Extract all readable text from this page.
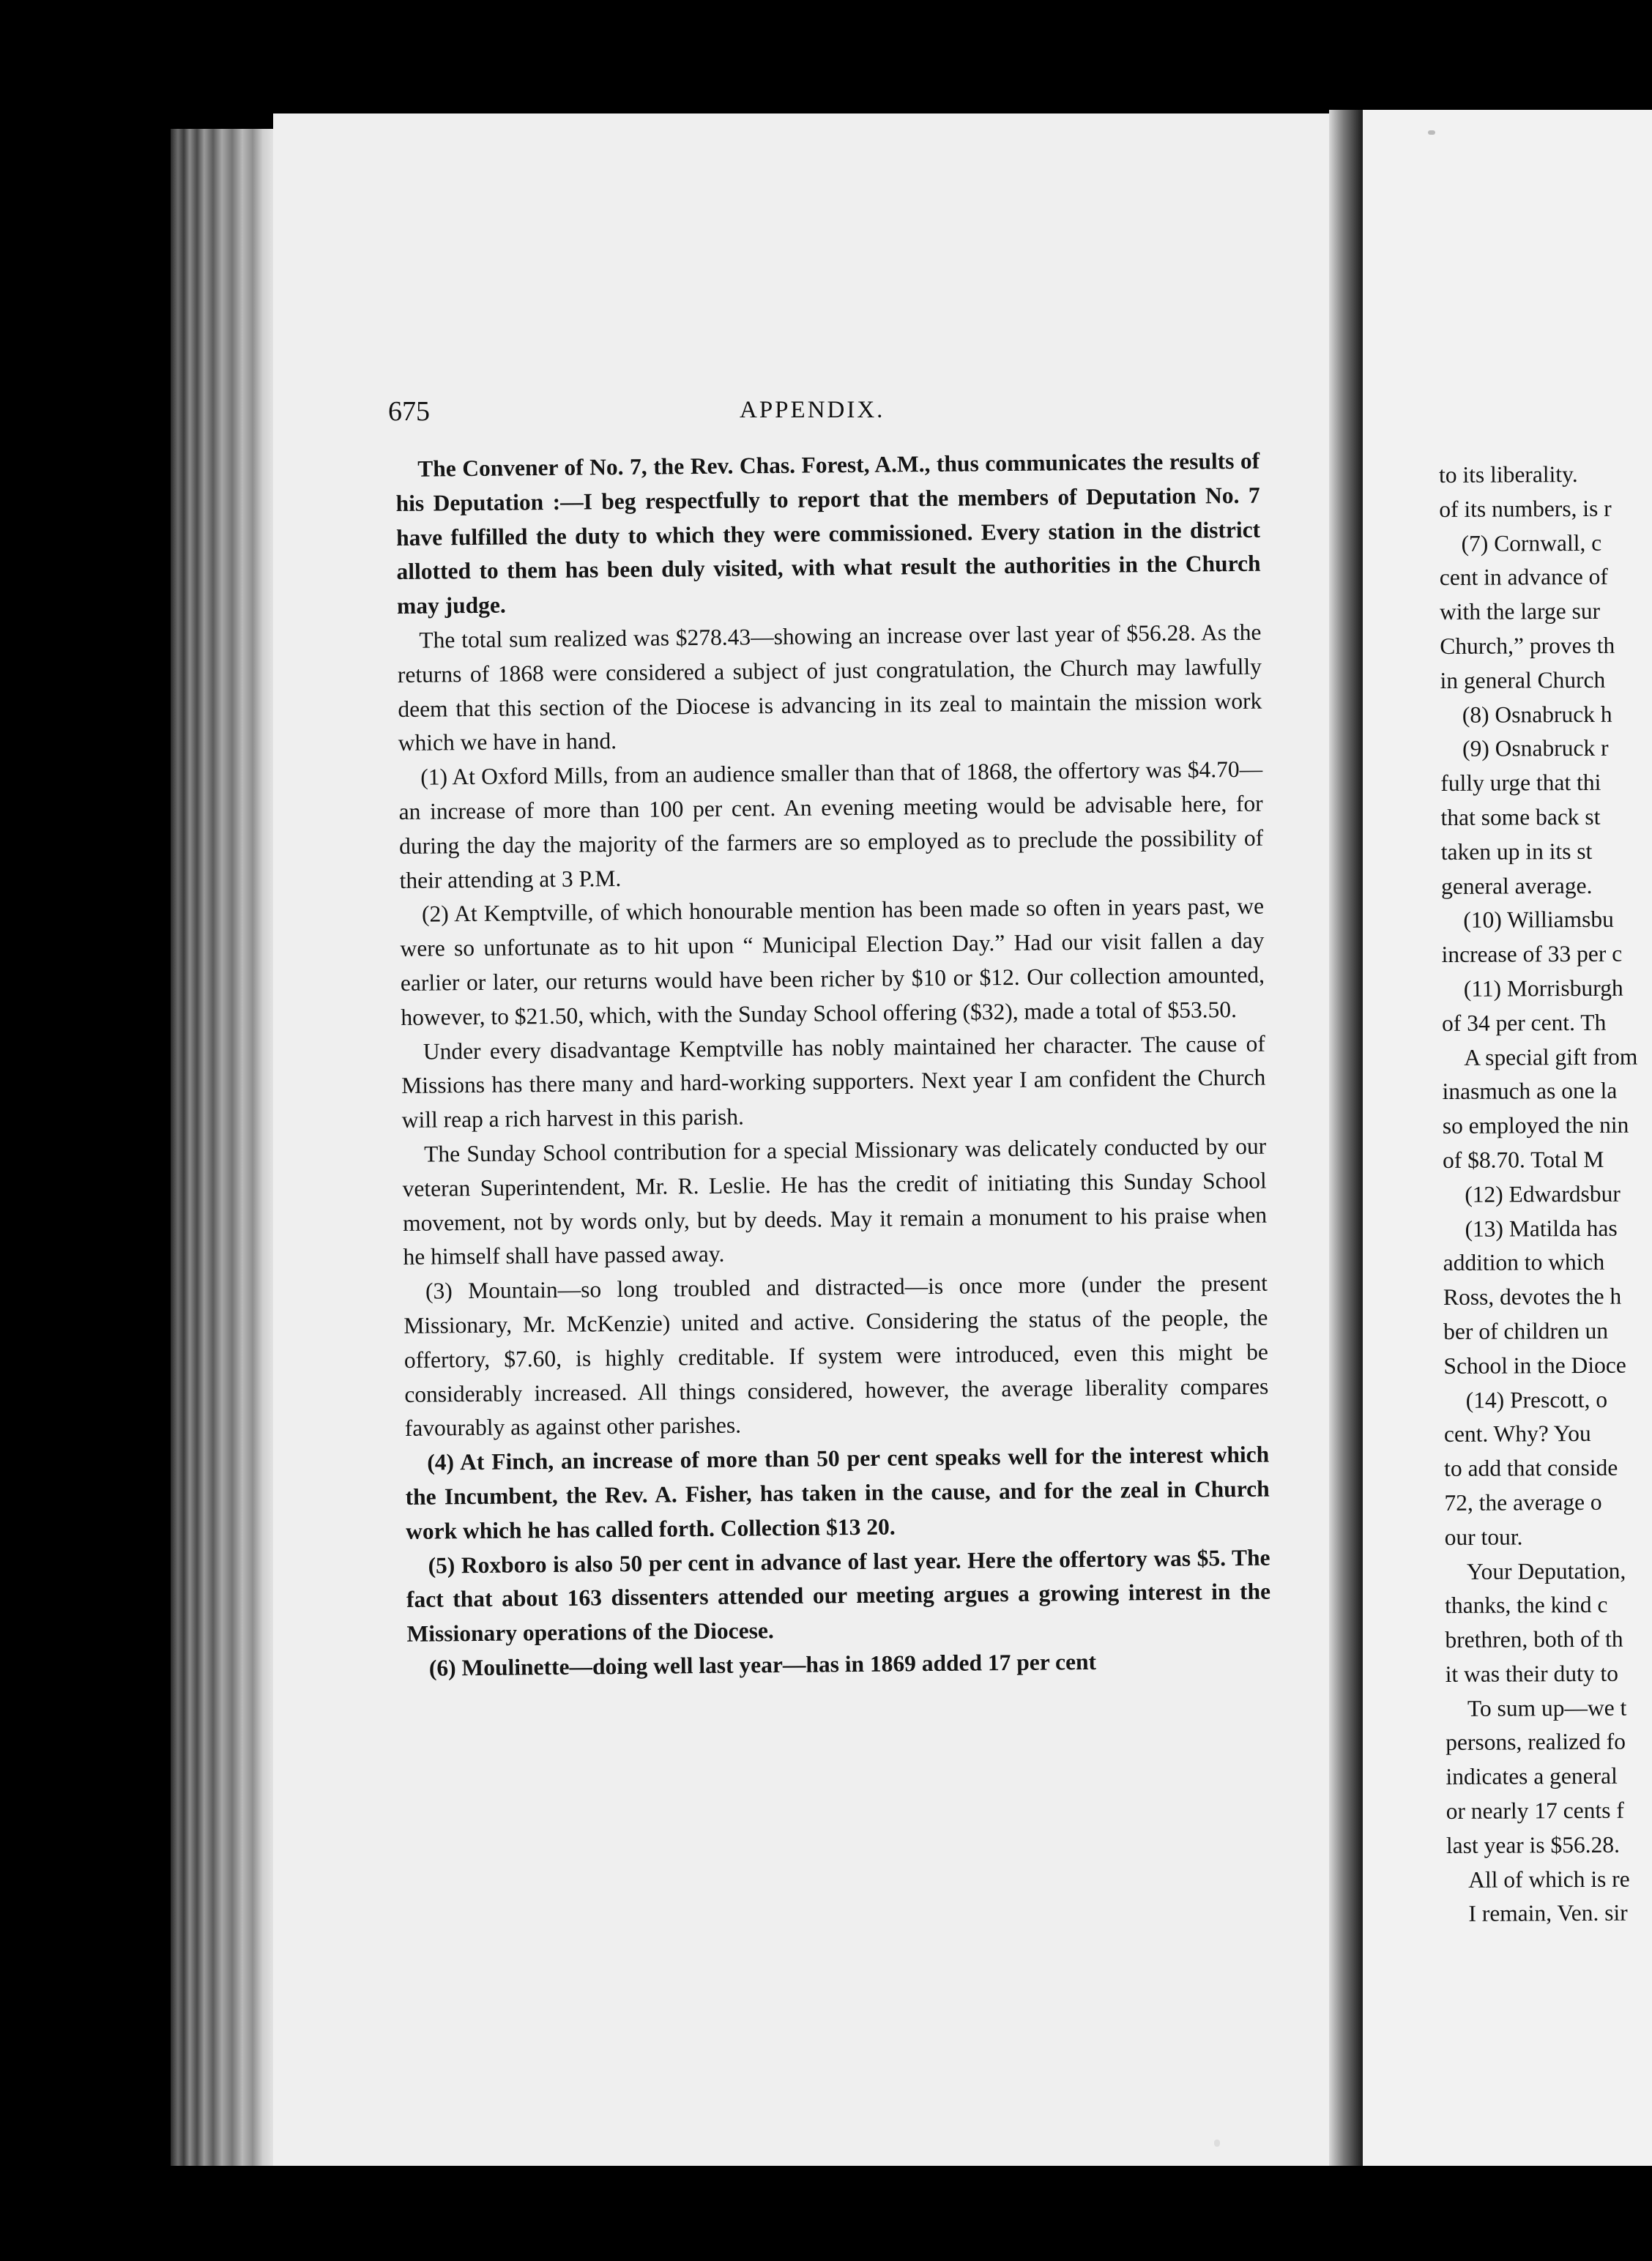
675	APPENDIX.

The Convener of No. 7, the Rev. Chas. Forest, A.M., thus communicates the results of his Deputation :—I beg respectfully to report that the members of Deputation No. 7 have fulfilled the duty to which they were commissioned. Every station in the district allotted to them has been duly visited, with what result the authorities in the Church may judge.

The total sum realized was $278.43—showing an increase over last year of $56.28. As the returns of 1868 were considered a subject of just congratulation, the Church may lawfully deem that this section of the Diocese is advancing in its zeal to maintain the mission work which we have in hand.

(1) At Oxford Mills, from an audience smaller than that of 1868, the offertory was $4.70—an increase of more than 100 per cent. An evening meeting would be advisable here, for during the day the majority of the farmers are so employed as to preclude the possibility of their attending at 3 P.M.

(2) At Kemptville, of which honourable mention has been made so often in years past, we were so unfortunate as to hit upon “ Municipal Election Day.” Had our visit fallen a day earlier or later, our returns would have been richer by $10 or $12. Our collection amounted, however, to $21.50, which, with the Sunday School offering ($32), made a total of $53.50.

Under every disadvantage Kemptville has nobly maintained her character. The cause of Missions has there many and hard-working supporters. Next year I am confident the Church will reap a rich harvest in this parish.

The Sunday School contribution for a special Missionary was delicately conducted by our veteran Superintendent, Mr. R. Leslie. He has the credit of initiating this Sunday School movement, not by words only, but by deeds. May it remain a monument to his praise when he himself shall have passed away.

(3) Mountain—so long troubled and distracted—is once more (under the present Missionary, Mr. McKenzie) united and active. Considering the status of the people, the offertory, $7.60, is highly creditable. If system were introduced, even this might be considerably increased. All things considered, however, the average liberality compares favourably as against other parishes.

(4) At Finch, an increase of more than 50 per cent speaks well for the interest which the Incumbent, the Rev. A. Fisher, has taken in the cause, and for the zeal in Church work which he has called forth. Collection $13 20.

(5) Roxboro is also 50 per cent in advance of last year. Here the offertory was $5. The fact that about 163 dissenters attended our meeting argues a growing interest in the Missionary operations of the Diocese.

(6) Moulinette—doing well last year—has in 1869 added 17 per cent

to its liberality.
of its numbers, is r
(7) Cornwall, c
cent in advance of
with the large sur
Church,” proves th
in general Church
(8) Osnabruck h
(9) Osnabruck r
fully urge that thi
that some back st
taken up in its st
general average.
(10) Williamsbu
increase of 33 per c
(11) Morrisburgh
of 34 per cent. Th
A special gift from
inasmuch as one la
so employed the nin
of $8.70. Total M
(12) Edwardsbur
(13) Matilda has
addition to which
Ross, devotes the h
ber of children un
School in the Dioce
(14) Prescott, o
cent. Why? You
to add that conside
72, the average o
our tour.
Your Deputation,
thanks, the kind c
brethren, both of th
it was their duty to
To sum up—we t
persons, realized fo
indicates a general
or nearly 17 cents f
last year is $56.28.
All of which is re
I remain, Ven. sir
